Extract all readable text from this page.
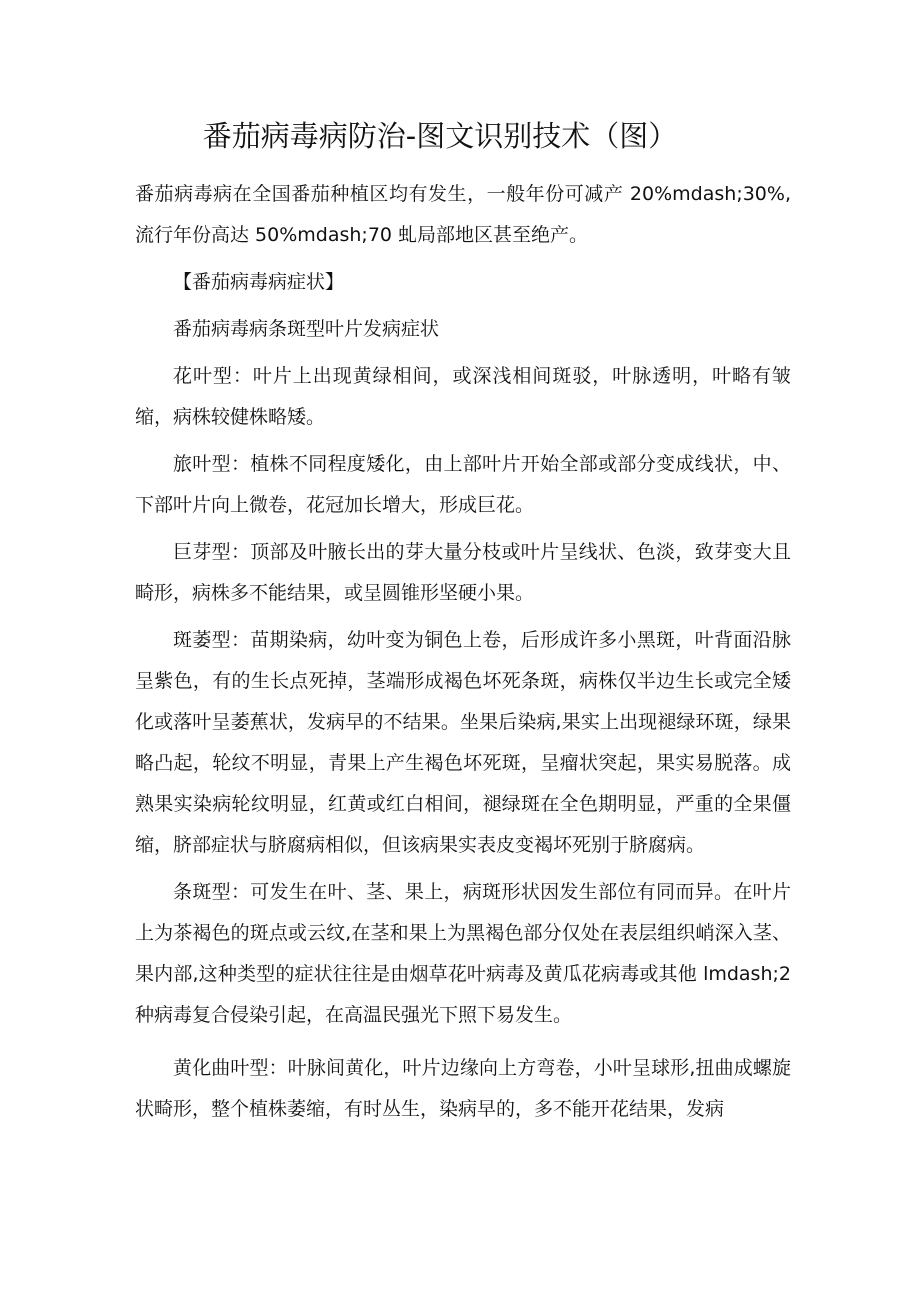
番茄病毒病防治-图文识别技术（图）

番茄病毒病在全国番茄种植区均有发生，一般年份可减产 20%mdash;30%,流行年份高达 50%mdash;70 虬局部地区甚至绝产。

【番茄病毒病症状】

番茄病毒病条斑型叶片发病症状

花叶型：叶片上出现黄绿相间，或深浅相间斑驳，叶脉透明，叶略有皱缩，病株较健株略矮。

旅叶型：植株不同程度矮化，由上部叶片开始全部或部分变成线状，中、下部叶片向上微卷，花冠加长增大，形成巨花。

巨芽型：顶部及叶腋长出的芽大量分枝或叶片呈线状、色淡，致芽变大且畸形，病株多不能结果，或呈圆锥形坚硬小果。

斑萎型：苗期染病，幼叶变为铜色上卷，后形成许多小黑斑，叶背面沿脉呈紫色，有的生长点死掉，茎端形成褐色坏死条斑，病株仅半边生长或完全矮化或落叶呈萎蕉状，发病早的不结果。坐果后染病,果实上出现褪绿环斑，绿果略凸起，轮纹不明显，青果上产生褐色坏死斑，呈瘤状突起，果实易脱落。成熟果实染病轮纹明显，红黄或红白相间，褪绿斑在全色期明显，严重的全果僵缩，脐部症状与脐腐病相似，但该病果实表皮变褐坏死别于脐腐病。

条斑型：可发生在叶、茎、果上，病斑形状因发生部位有同而异。在叶片上为茶褐色的斑点或云纹,在茎和果上为黑褐色部分仅处在表层组织峭深入茎、果内部,这种类型的症状往往是由烟草花叶病毒及黄瓜花病毒或其他 lmdash;2 种病毒复合侵染引起，在高温民强光下照下易发生。

黄化曲叶型：叶脉间黄化，叶片边缘向上方弯卷，小叶呈球形,扭曲成螺旋状畸形，整个植株萎缩，有时丛生，染病早的，多不能开花结果，发病
